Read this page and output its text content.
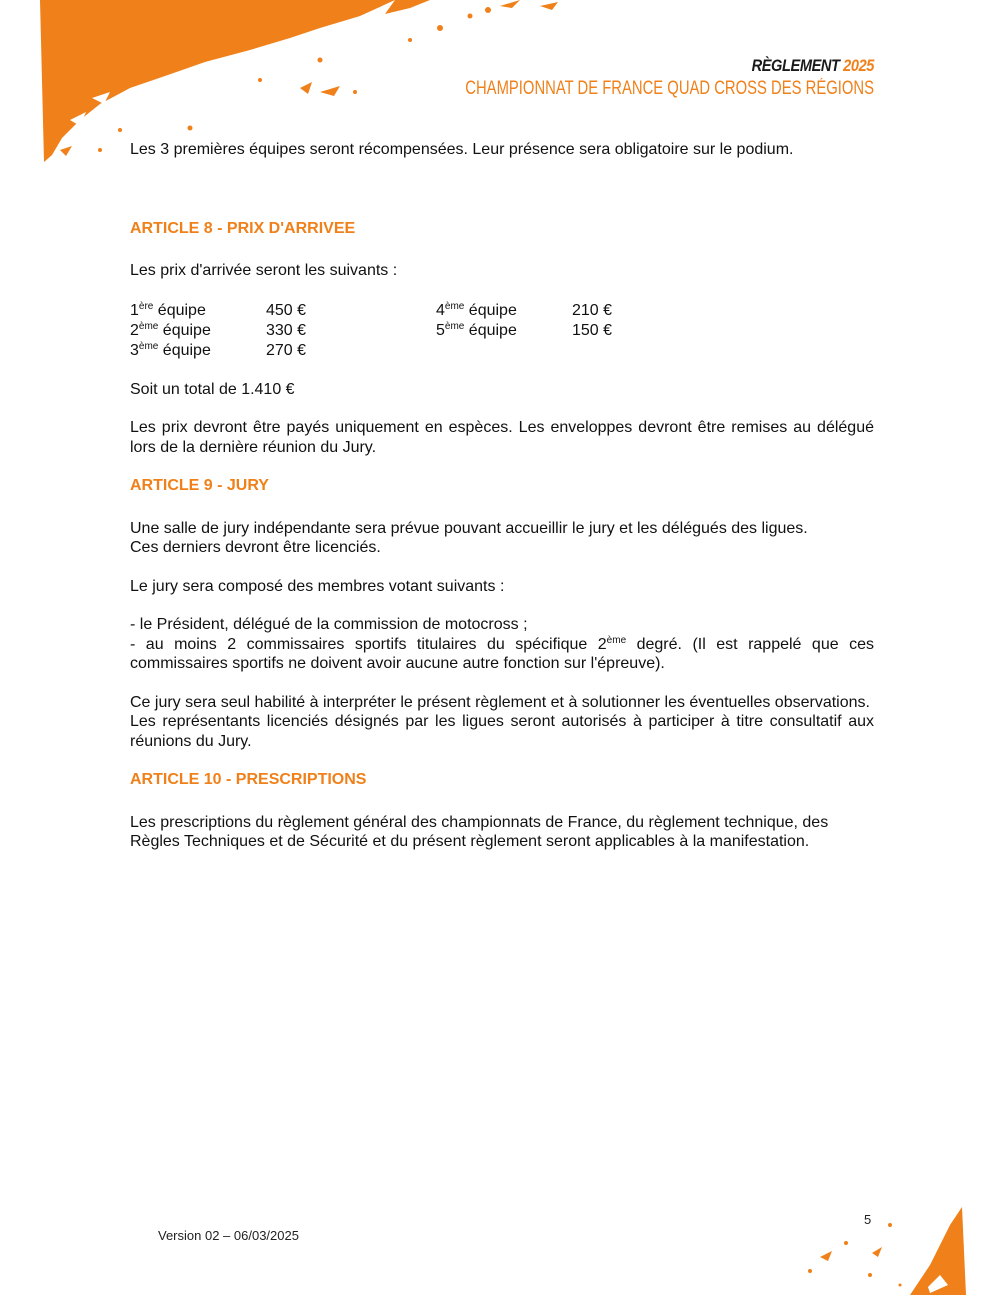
RÈGLEMENT 2025
CHAMPIONNAT DE FRANCE QUAD CROSS DES RÉGIONS

Les 3 premières équipes seront récompensées. Leur présence sera obligatoire sur le podium.

ARTICLE 8 - PRIX D'ARRIVEE

Les prix d'arrivée seront les suivants :

1ère équipe	450 €	4ème équipe	210 €
2ème équipe	330 €	5ème équipe	150 €
3ème équipe	270 €

Soit un total de 1.410 €

Les prix devront être payés uniquement en espèces. Les enveloppes devront être remises au délégué lors de la dernière réunion du Jury.

ARTICLE 9 - JURY

Une salle de jury indépendante sera prévue pouvant accueillir le jury et les délégués des ligues.

Ces derniers devront être licenciés.

Le jury sera composé des membres votant suivants :

- le Président, délégué de la commission de motocross ;

- au moins 2 commissaires sportifs titulaires du spécifique 2ème degré. (Il est rappelé que ces commissaires sportifs ne doivent avoir aucune autre fonction sur l'épreuve).

Ce jury sera seul habilité à interpréter le présent règlement et à solutionner les éventuelles observations.

Les représentants licenciés désignés par les ligues seront autorisés à participer à titre consultatif aux réunions du Jury.

ARTICLE 10 - PRESCRIPTIONS

Les prescriptions du règlement général des championnats de France, du règlement technique, des Règles Techniques et de Sécurité et du présent règlement seront applicables à la manifestation.

Version 02 – 06/03/2025
5
